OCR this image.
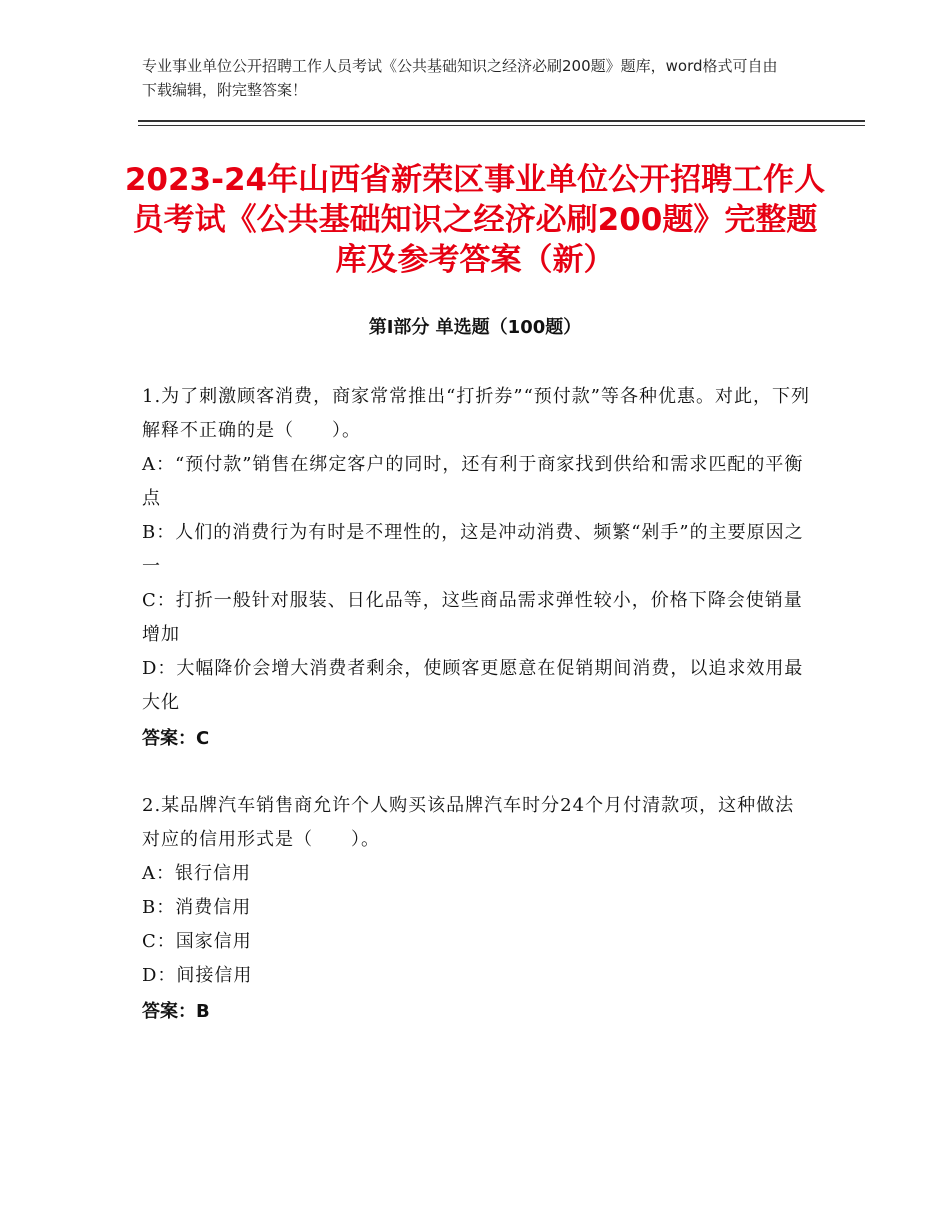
专业事业单位公开招聘工作人员考试《公共基础知识之经济必刷200题》题库，word格式可自由下载编辑，附完整答案！
2023-24年山西省新荣区事业单位公开招聘工作人员考试《公共基础知识之经济必刷200题》完整题库及参考答案（新）
第Ⅰ部分 单选题（100题）

1.为了刺激顾客消费，商家常常推出“打折券”“预付款”等各种优惠。对此，下列解释不正确的是（　　）。

A：“预付款”销售在绑定客户的同时，还有利于商家找到供给和需求匹配的平衡点

B：人们的消费行为有时是不理性的，这是冲动消费、频繁“剁手”的主要原因之一

C：打折一般针对服装、日化品等，这些商品需求弹性较小，价格下降会使销量增加

D：大幅降价会增大消费者剩余，使顾客更愿意在促销期间消费，以追求效用最大化

答案：C

2.某品牌汽车销售商允许个人购买该品牌汽车时分24个月付清款项，这种做法对应的信用形式是（　　）。

A：银行信用

B：消费信用

C：国家信用

D：间接信用

答案：B
